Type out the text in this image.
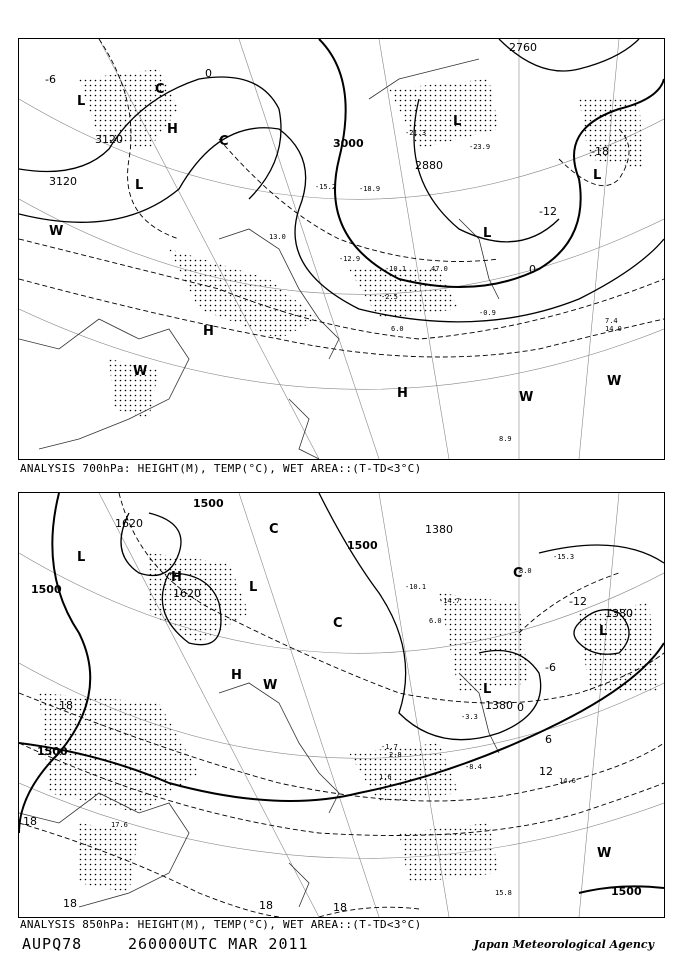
3120
3120
3000
2880
2760
-18
-12
0
0
-6
L
L
L
L
L
H
H
H
W
W
W
W
C
C
-18.9
-21.3
-23.9
-15.2
-12.9
-10.1
-2.5
-0.9
7.4
8.9
14.0
47.0
6.0
13.0
ANALYSIS 700hPa: HEIGHT(M), TEMP(°C), WET AREA::(T-TD<3°C)
1620
1620
1500
1500
1500
1500
1380
1380
1380
1500
-12
-6
0
6
12
18
18
18	18	18
L
L
L
L
H
H
C
C
C
W
W
-10.1
-14.7
-15.3
-8.4
-3.3
-1.7
1.6	14.6
15.8
17.6
8.0
6.0
2.8
ANALYSIS 850hPa: HEIGHT(M), TEMP(°C), WET AREA::(T-TD<3°C)
AUPQ78	260000UTC MAR 2011	Japan Meteorological Agency
